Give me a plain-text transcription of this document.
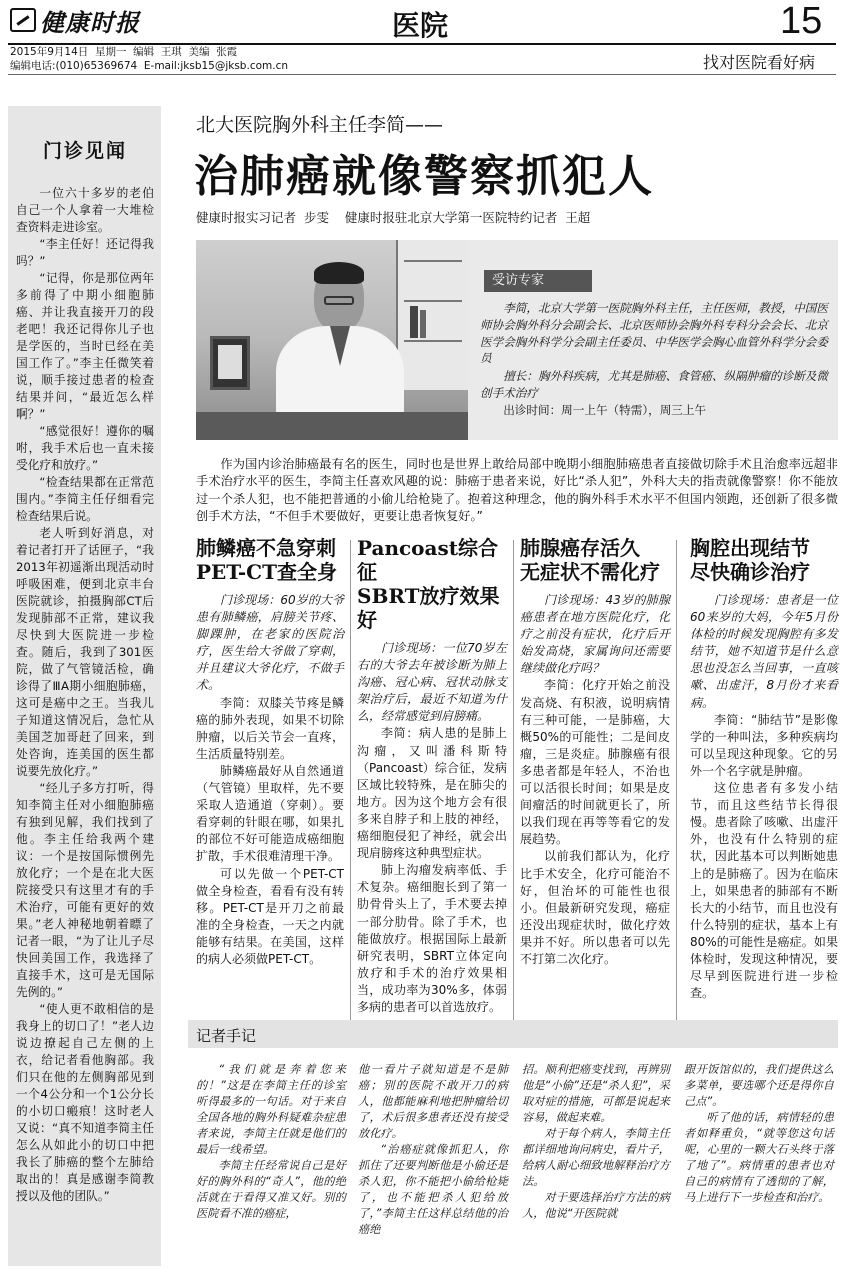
健康时报	医院	15
2015年9月14日  星期一  编辑  王琪  美编  张霞
编辑电话:(010)65369674  E-mail:jksb15@jksb.com.cn	找对医院看好病
门诊见闻
一位六十多岁的老伯自己一个人拿着一大堆检查资料走进诊室。
“李主任好！还记得我吗？”
“记得，你是那位两年多前得了中期小细胞肺癌、并让我直接开刀的段老吧！我还记得你儿子也是学医的，当时已经在美国工作了。”李主任微笑着说，顺手接过患者的检查结果并问，“最近怎么样啊？”
“感觉很好！遵你的嘱咐，我手术后也一直未接受化疗和放疗。”
“检查结果都在正常范围内。”李简主任仔细看完检查结果后说。
老人听到好消息，对着记者打开了话匣子，“我2013年初遥渐出现活动时呼吸困难，便到北京丰台医院就诊，拍摄胸部CT后发现肺部不正常，建议我尽快到大医院进一步检查。随后，我到了301医院，做了气管镜活检，确诊得了ⅢA期小细胞肺癌，这可是癌中之王。当我儿子知道这情况后，急忙从美国芝加哥赶了回来，到处咨询，连美国的医生都说要先放化疗。”
“经儿子多方打听，得知李简主任对小细胞肺癌有独到见解，我们找到了他。李主任给我两个建议：一个是按国际惯例先放化疗；一个是在北大医院接受只有这里才有的手术治疗，可能有更好的效果。”老人神秘地朝着瞟了记者一眼，“为了让儿子尽快回美国工作，我选择了直接手术，这可是无国际先例的。”
“使人更不敢相信的是我身上的切口了！”老人边说边撩起自己左侧的上衣，给记者看他胸部。我们只在他的左侧胸部见到一个4公分和一个1公分长的小切口瘢痕！这时老人又说：“真不知道李简主任怎么从如此小的切口中把我长了肺癌的整个左肺给取出的！真是感谢李简教授以及他的团队。”
北大医院胸外科主任李简——
治肺癌就像警察抓犯人
健康时报实习记者  步雯    健康时报驻北京大学第一医院特约记者  王超
受访专家
李简，北京大学第一医院胸外科主任，主任医师，教授，中国医师协会胸外科分会副会长、北京医师协会胸外科专科分会会长、北京医学会胸外科学分会副主任委员、中华医学会胸心血管外科学分会委员
擅长：胸外科疾病，尤其是肺癌、食管癌、纵隔肿瘤的诊断及微创手术治疗
出诊时间：周一上午（特需），周三上午
作为国内诊治肺癌最有名的医生，同时也是世界上敢给局部中晚期小细胞肺癌患者直接做切除手术且治愈率远超非手术治疗水平的医生，李简主任喜欢风趣的说：肺癌于患者来说，好比“杀人犯”，外科大夫的指责就像警察！你不能放过一个杀人犯，也不能把普通的小偷儿给枪毙了。抱着这种理念，他的胸外科手术水平不但国内领跑，还创新了很多微创手术方法，“不但手术要做好，更要让患者恢复好。”
肺鳞癌不急穿刺
PET-CT查全身
门诊现场：60岁的大爷患有肺鳞癌，肩膀关节疼、脚踝肿，在老家的医院治疗，医生给大爷做了穿刺，并且建议大爷化疗，不做手术。
李简：双膝关节疼是鳞癌的肺外表现，如果不切除肿瘤，以后关节会一直疼，生活质量特别差。
肺鳞癌最好从自然通道（气管镜）里取样，先不要采取人造通道（穿刺）。要看穿刺的针眼在哪，如果扎的部位不好可能造成癌细胞扩散，手术很难清理干净。
可以先做一个PET-CT做全身检查，看看有没有转移。PET-CT是开刀之前最准的全身检查，一天之内就能够有结果。在美国，这样的病人必须做PET-CT。
Pancoast综合征
SBRT放疗效果好
门诊现场：一位70岁左右的大爷去年被诊断为肺上沟癌、冠心病、冠状动脉支架治疗后，最近不知道为什么，经常感觉到肩膀痛。
李简：病人患的是肺上沟瘤，又叫潘科斯特（Pancoast）综合征，发病区域比较特殊，是在肺尖的地方。因为这个地方会有很多来自脖子和上肢的神经，癌细胞侵犯了神经，就会出现肩膀疼这种典型症状。
肺上沟瘤发病率低、手术复杂。癌细胞长到了第一肋骨骨头上了，手术要去掉一部分肋骨。除了手术，也能做放疗。根据国际上最新研究表明，SBRT立体定向放疗和手术的治疗效果相当，成功率为30%多，体弱多病的患者可以首选放疗。
肺腺癌存活久
无症状不需化疗
门诊现场：43岁的肺腺癌患者在地方医院化疗，化疗之前没有症状，化疗后开始发高烧，家属询问还需要继续做化疗吗？
李简：化疗开始之前没发高烧、有积液，说明病情有三种可能，一是肺癌，大概50%的可能性；二是间皮瘤，三是炎症。肺腺癌有很多患者都是年轻人，不治也可以活很长时间；如果是皮间瘤活的时间就更长了，所以我们现在再等等看它的发展趋势。
以前我们都认为，化疗比手术安全，化疗可能治不好，但治坏的可能性也很小。但最新研究发现，癌症还没出现症状时，做化疗效果并不好。所以患者可以先不打第二次化疗。
胸腔出现结节
尽快确诊治疗
门诊现场：患者是一位60来岁的大妈，今年5月份体检的时候发现胸腔有多发结节，她不知道节是什么意思也没怎么当回事，一直咳嗽、出虚汗，8月份才来看病。
李简：“肺结节”是影像学的一种叫法，多种疾病均可以呈现这种现象。它的另外一个名字就是肿瘤。
这位患者有多发小结节，而且这些结节长得很慢。患者除了咳嗽、出虚汗外，也没有什么特别的症状，因此基本可以判断她患上的是肺癌了。因为在临床上，如果患者的肺部有不断长大的小结节，而且也没有什么特别的症状，基本上有80%的可能性是癌症。如果体检时，发现这种情况，要尽早到医院进行进一步检查。
记者手记
“我们就是奔着您来的！”这是在李简主任的诊室听得最多的一句话。对于来自全国各地的胸外科疑难杂症患者来说，李简主任就是他们的最后一线希望。
李简主任经常说自己是好好的胸外科的“奇人”，他的绝活就在于看得又准又好。别的医院看不准的癌症，
他一看片子就知道是不是肺癌；别的医院不敢开刀的病人，他都能麻利地把肿瘤给切了，术后很多患者还没有接受放化疗。
“治癌症就像抓犯人，你抓住了还要判断他是小偷还是杀人犯，你不能把小偷给枪毙了，也不能把杀人犯给放了，”李简主任这样总结他的治癌绝
招。顺利把癌变找到，再辨别他是“小偷”还是“杀人犯”，采取对症的措施，可都是说起来容易，做起来难。
对于每个病人，李简主任都详细地询问病史，看片子，给病人耐心细致地解释治疗方法。
对于要选择治疗方法的病人，他说“开医院就
跟开饭馆似的，我们提供这么多菜单，要选哪个还是得你自己点”。
听了他的话，病情轻的患者如释重负，“就等您这句话呢，心里的一颗大石头终于落了地了”。病情重的患者也对自己的病情有了透彻的了解，马上进行下一步检查和治疗。
